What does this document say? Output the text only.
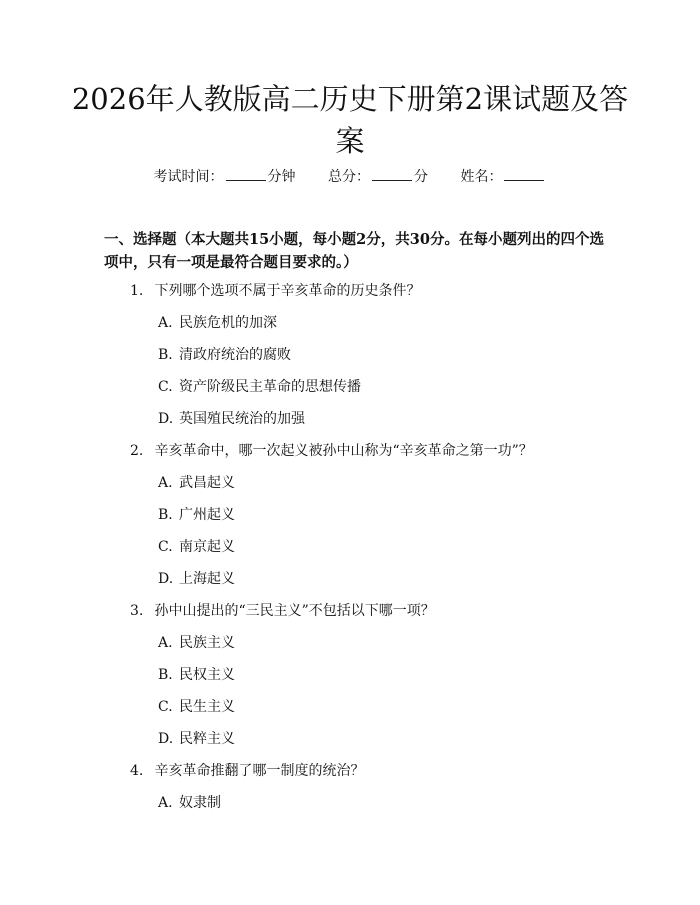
2026年人教版高二历史下册第2课试题及答案
考试时间：	分钟 总分：	分 姓名：

一、选择题（本大题共15小题，每小题2分，共30分。在每小题列出的四个选项中，只有一项是最符合题目要求的。）

1. 下列哪个选项不属于辛亥革命的历史条件？
A. 民族危机的加深
B. 清政府统治的腐败
C. 资产阶级民主革命的思想传播
D. 英国殖民统治的加强
2. 辛亥革命中，哪一次起义被孙中山称为“辛亥革命之第一功”？
A. 武昌起义
B. 广州起义
C. 南京起义
D. 上海起义
3. 孙中山提出的“三民主义”不包括以下哪一项？
A. 民族主义
B. 民权主义
C. 民生主义
D. 民粹主义
4. 辛亥革命推翻了哪一制度的统治？
A. 奴隶制
